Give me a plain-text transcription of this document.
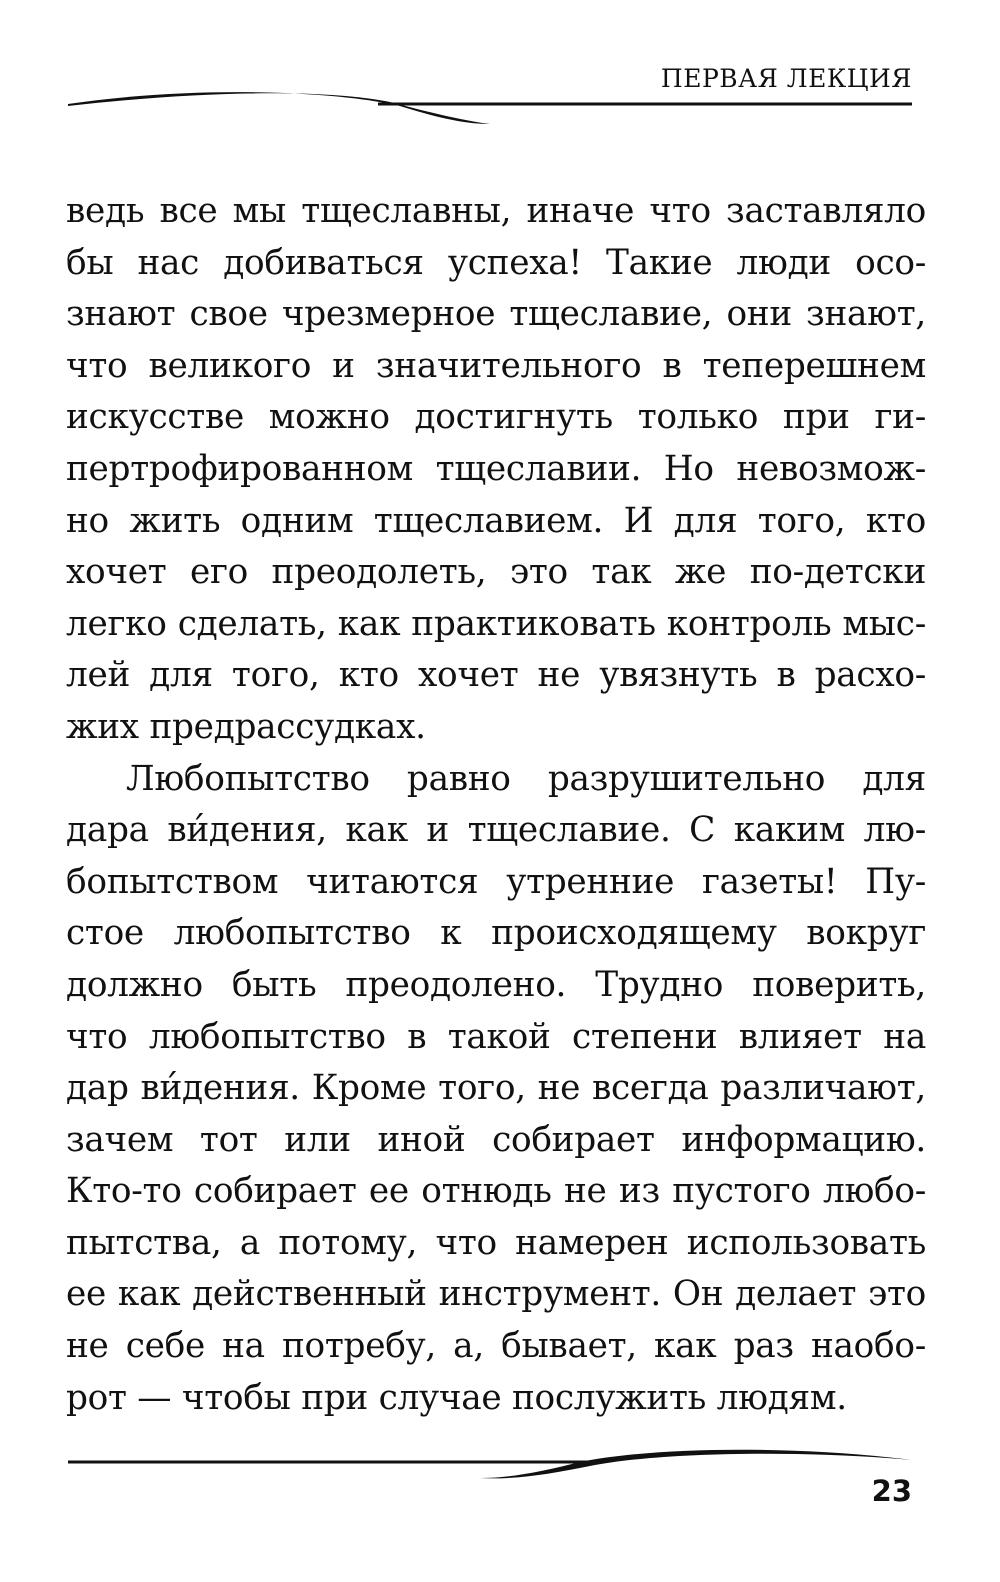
ПЕРВАЯ ЛЕКЦИЯ
ведь все мы тщеславны, иначе что заставляло
бы нас добиваться успеха! Такие люди осо-
знают свое чрезмерное тщеславие, они знают,
что великого и значительного в теперешнем
искусстве можно достигнуть только при ги-
пертрофированном тщеславии. Но невозмож-
но жить одним тщеславием. И для того, кто
хочет его преодолеть, это так же по-детски
легко сделать, как практиковать контроль мыс-
лей для того, кто хочет не увязнуть в расхо-
жих предрассудках.
Любопытство равно разрушительно для
дара ви́дения, как и тщеславие. С каким лю-
бопытством читаются утренние газеты! Пу-
стое любопытство к происходящему вокруг
должно быть преодолено. Трудно поверить,
что любопытство в такой степени влияет на
дар ви́дения. Кроме того, не всегда различают,
зачем тот или иной собирает информацию.
Кто-то собирает ее отнюдь не из пустого любо-
пытства, а потому, что намерен использовать
ее как действенный инструмент. Он делает это
не себе на потребу, а, бывает, как раз наобо-
рот — чтобы при случае послужить людям.
23
